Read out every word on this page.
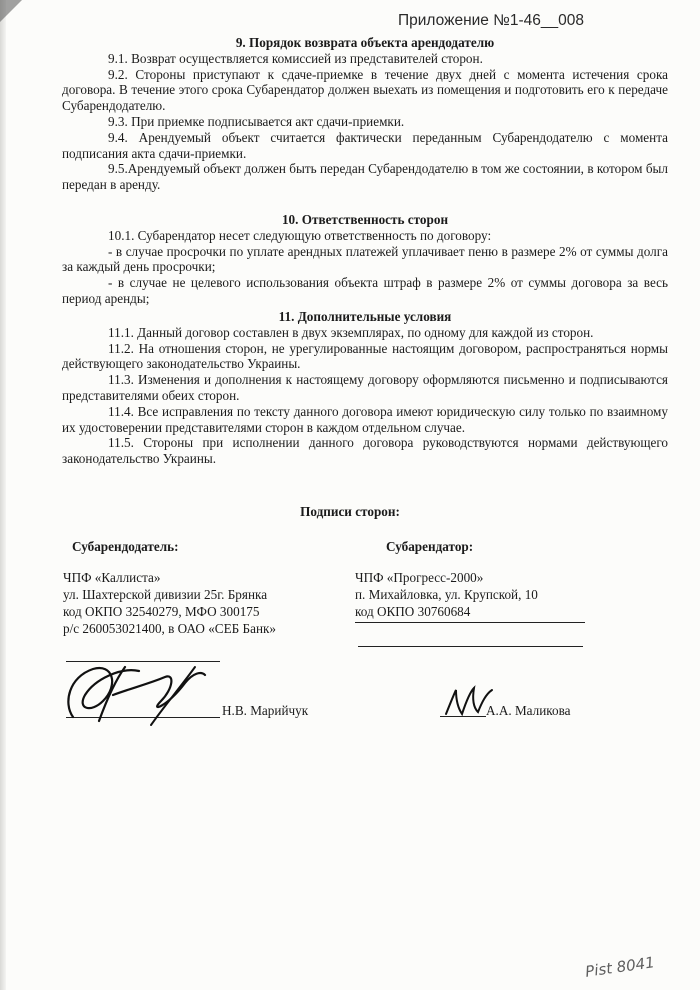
Приложение №1-46__008

9. Порядок возврата объекта арендодателю

9.1. Возврат осуществляется комиссией из представителей сторон.

9.2. Стороны приступают к сдаче-приемке в течение двух дней с момента истечения срока договора. В течение этого срока Субарендатор должен выехать из помещения и подготовить его к передаче Субарендодателю.

9.3. При приемке подписывается акт сдачи-приемки.

9.4. Арендуемый объект считается фактически переданным Субарендодателю с момента подписания акта сдачи-приемки.

9.5.Арендуемый объект должен быть передан Субарендодателю в том же состоянии, в котором был передан в аренду.

10. Ответственность сторон

10.1. Субарендатор несет следующую ответственность по договору:

- в случае просрочки по уплате арендных платежей уплачивает пеню в размере 2% от суммы долга за каждый день просрочки;

- в случае не целевого использования объекта штраф в размере 2% от суммы договора за весь период аренды;

11. Дополнительные условия

11.1. Данный договор составлен в двух экземплярах, по одному для каждой из сторон.

11.2. На отношения сторон, не урегулированные настоящим договором, распространяться нормы действующего законодательство Украины.

11.3. Изменения и дополнения к настоящему договору оформляются письменно и подписываются представителями обеих сторон.

11.4. Все исправления по тексту данного договора имеют юридическую силу только по взаимному их удостоверении представителями сторон в каждом отдельном случае.

11.5. Стороны при исполнении данного договора руководствуются нормами действующего законодательство Украины.

Подписи сторон:
Субарендодатель:	Субарендатор:
ЧПФ «Каллиста»
ул. Шахтерской дивизии 25г. Брянка
код ОКПО 32540279, МФО 300175
р/с 260053021400, в ОАО «СЕБ Банк»
ЧПФ «Прогресс-2000»
п. Михайловка, ул. Крупской, 10
код ОКПО 30760684
Н.В. Марийчук	А.А. Маликова
Pist 8041
